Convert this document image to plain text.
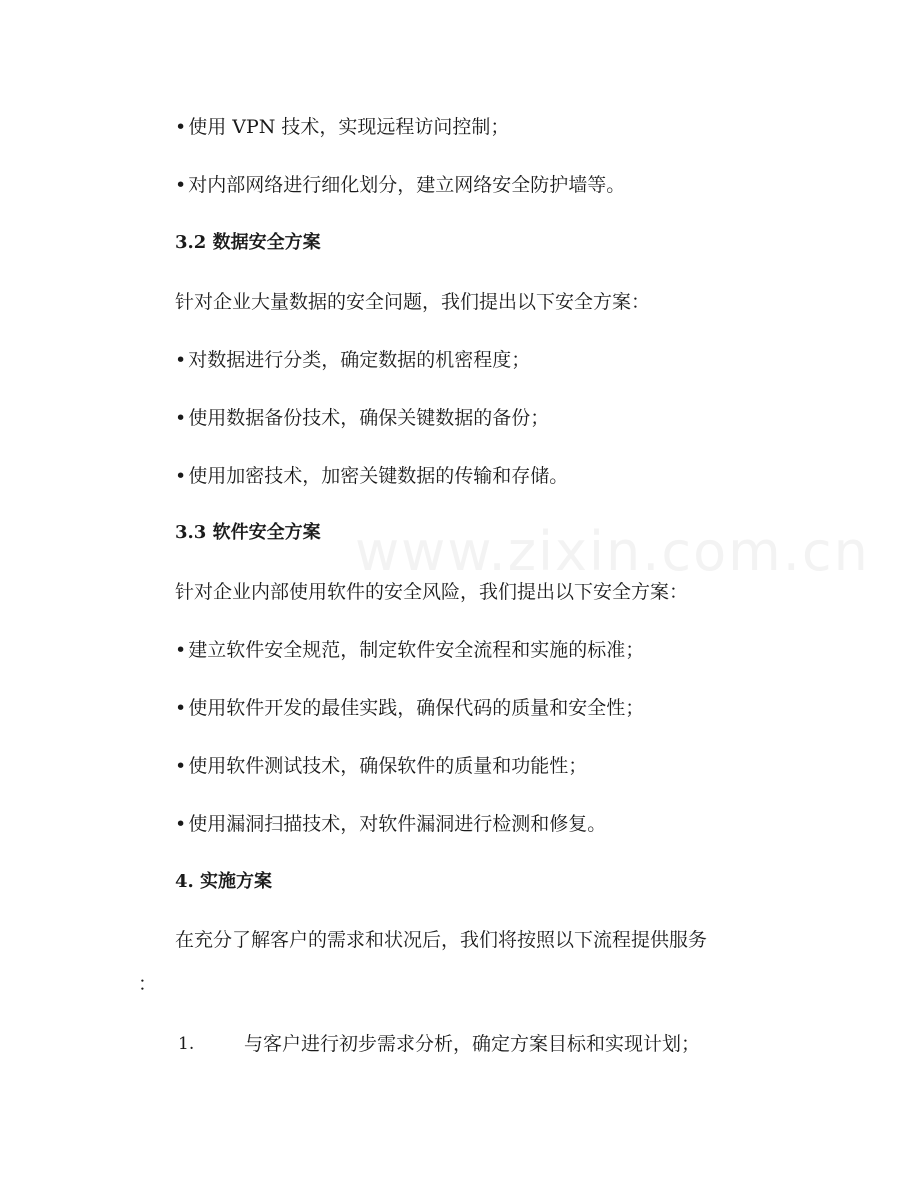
www.zixin.com.cn
• 使用 VPN 技术，实现远程访问控制；
• 对内部网络进行细化划分，建立网络安全防护墙等。
3.2 数据安全方案
针对企业大量数据的安全问题，我们提出以下安全方案：
• 对数据进行分类，确定数据的机密程度；
• 使用数据备份技术，确保关键数据的备份；
• 使用加密技术，加密关键数据的传输和存储。
3.3 软件安全方案
针对企业内部使用软件的安全风险，我们提出以下安全方案：
• 建立软件安全规范，制定软件安全流程和实施的标准；
• 使用软件开发的最佳实践，确保代码的质量和安全性；
• 使用软件测试技术，确保软件的质量和功能性；
• 使用漏洞扫描技术，对软件漏洞进行检测和修复。
4. 实施方案
在充分了解客户的需求和状况后，我们将按照以下流程提供服务
：
1.	与客户进行初步需求分析，确定方案目标和实现计划；
